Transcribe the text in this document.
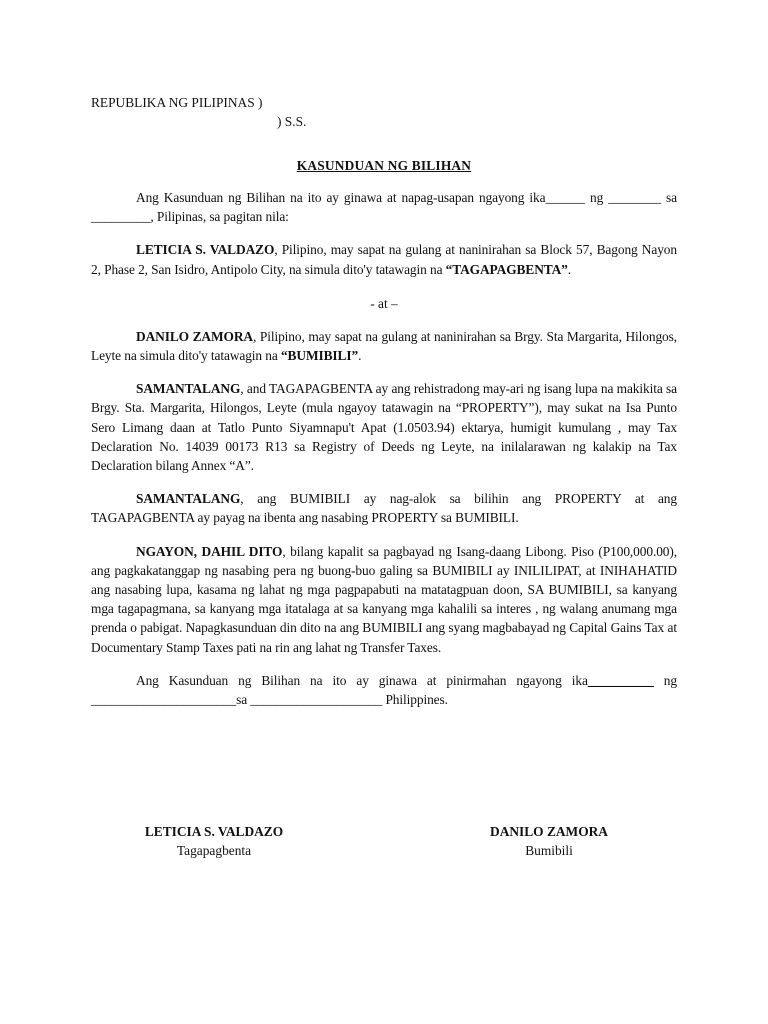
REPUBLIKA NG PILIPINAS )
) S.S.
KASUNDUAN NG BILIHAN
Ang Kasunduan ng Bilihan na ito ay ginawa at napag-usapan ngayong ika______ ng ________ sa _________, Pilipinas, sa pagitan nila:
LETICIA S. VALDAZO, Pilipino, may sapat na gulang at naninirahan sa Block 57, Bagong Nayon 2, Phase 2, San Isidro, Antipolo City, na simula dito'y tatawagin na “TAGAPAGBENTA”.
- at –
DANILO ZAMORA, Pilipino, may sapat na gulang at naninirahan sa Brgy. Sta Margarita, Hilongos, Leyte na simula dito'y tatawagin na “BUMIBILI”.
SAMANTALANG, and TAGAPAGBENTA ay ang rehistradong may-ari ng isang lupa na makikita sa Brgy. Sta. Margarita, Hilongos, Leyte (mula ngayoy tatawagin na “PROPERTY”), may sukat na Isa Punto Sero Limang daan at Tatlo Punto Siyamnapu't Apat (1.0503.94) ektarya, humigit kumulang , may Tax Declaration No. 14039 00173 R13 sa Registry of Deeds ng Leyte, na inilalarawan ng kalakip na Tax Declaration bilang Annex “A”.
SAMANTALANG, ang BUMIBILI ay nag-alok sa bilihin ang PROPERTY at ang TAGAPAGBENTA ay payag na ibenta ang nasabing PROPERTY sa BUMIBILI.
NGAYON, DAHIL DITO, bilang kapalit sa pagbayad ng Isang-daang Libong. Piso (P100,000.00), ang pagkakatanggap ng nasabing pera ng buong-buo galing sa BUMIBILI ay INILILIPAT, at INIHAHATID ang nasabing lupa, kasama ng lahat ng mga pagpapabuti na matatagpuan doon, SA BUMIBILI, sa kanyang mga tagapagmana, sa kanyang mga itatalaga at sa kanyang mga kahalili sa interes , ng walang anumang mga prenda o pabigat. Napagkasunduan din dito na ang BUMIBILI ang syang magbabayad ng Capital Gains Tax at Documentary Stamp Taxes pati na rin ang lahat ng Transfer Taxes.
Ang Kasunduan ng Bilihan na ito ay ginawa at pinirmahan ngayong ika__________ ng ______________________sa ____________________ Philippines.
LETICIA S. VALDAZO
Tagapagbenta
DANILO ZAMORA
Bumibili
